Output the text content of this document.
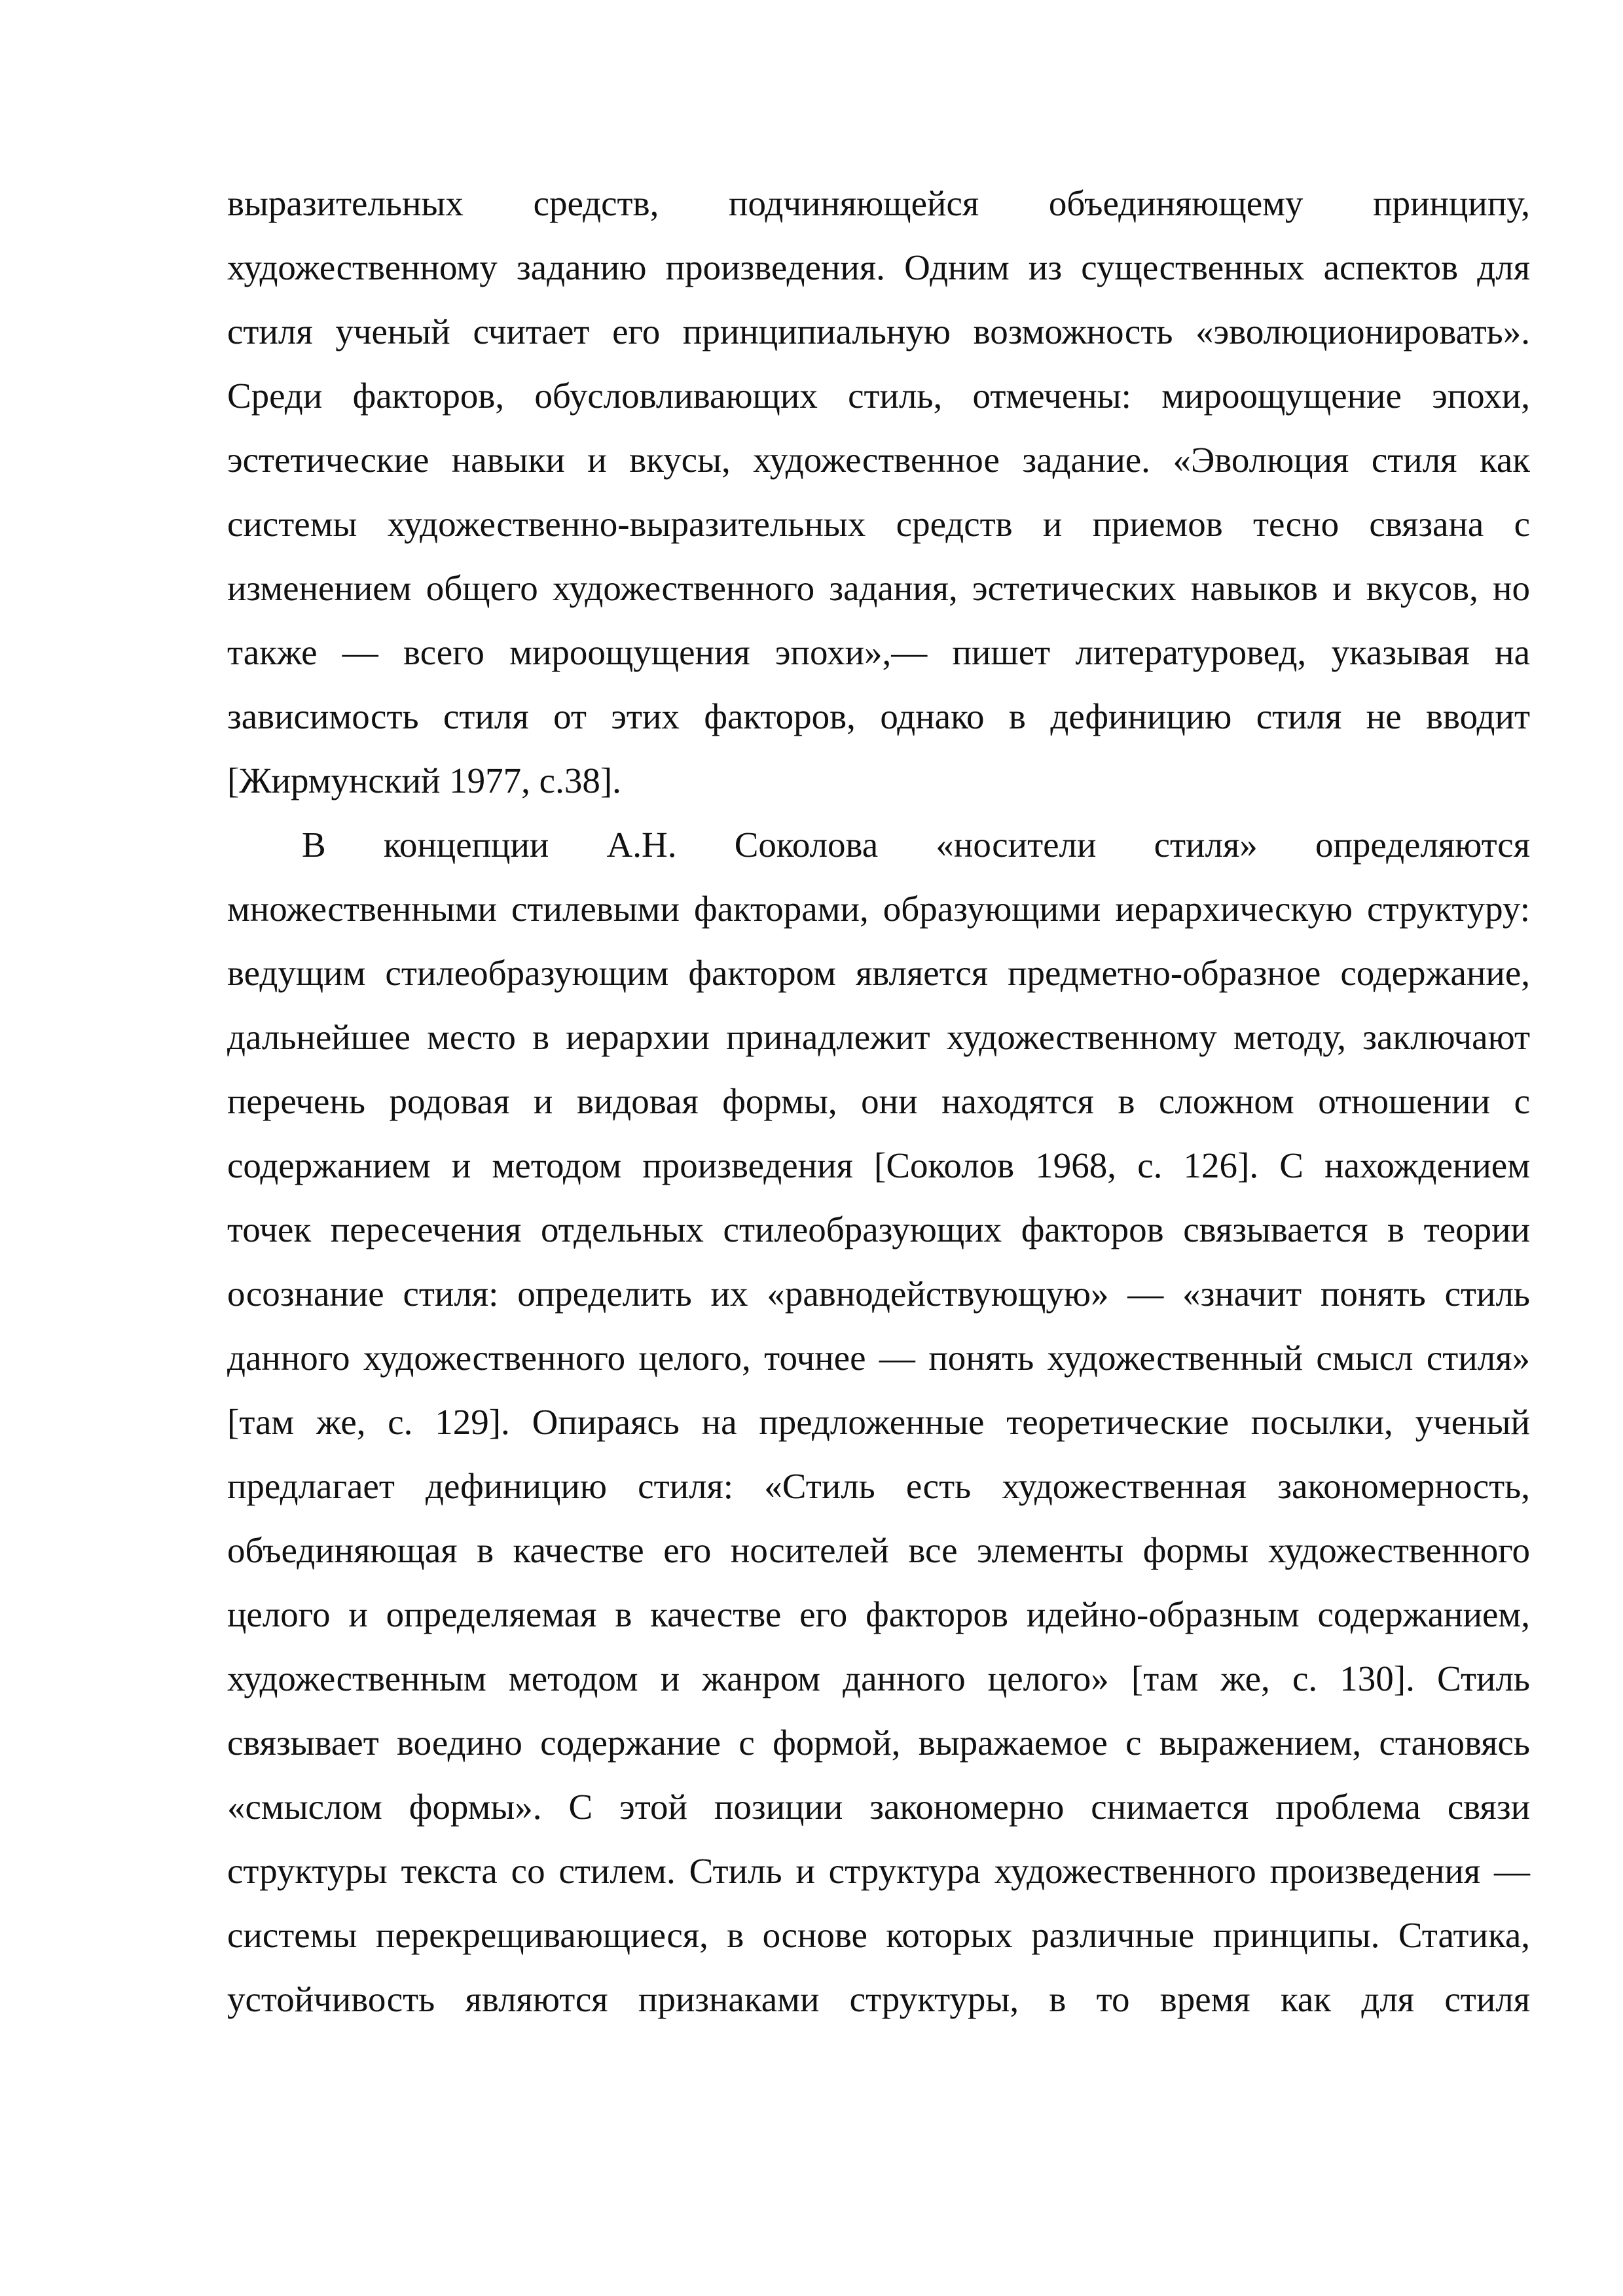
выразительных средств, подчиняющейся объединяющему принципу,
художественному заданию произведения. Одним из существенных аспектов для
стиля ученый считает его принципиальную возможность «эволюционировать».
Среди факторов, обусловливающих стиль, отмечены: мироощущение эпохи,
эстетические навыки и вкусы, художественное задание. «Эволюция стиля как
системы художественно-выразительных средств и приемов тесно связана с
изменением общего художественного задания, эстетических навыков и вкусов, но
также — всего мироощущения эпохи»,— пишет литературовед, указывая на
зависимость стиля от этих факторов, однако в дефиницию стиля не вводит
[Жирмунский 1977, с.38].
В концепции А.Н. Соколова «носители стиля» определяются
множественными стилевыми факторами, образующими иерархическую структуру:
ведущим стилеобразующим фактором является предметно-образное содержание,
дальнейшее место в иерархии принадлежит художественному методу, заключают
перечень родовая и видовая формы, они находятся в сложном отношении с
содержанием и методом произведения [Соколов 1968, с. 126]. С нахождением
точек пересечения отдельных стилеобразующих факторов связывается в теории
осознание стиля: определить их «равнодействующую» — «значит понять стиль
данного художественного целого, точнее — понять художественный смысл стиля»
[там же, с. 129]. Опираясь на предложенные теоретические посылки, ученый
предлагает дефиницию стиля: «Стиль есть художественная закономерность,
объединяющая в качестве его носителей все элементы формы художественного
целого и определяемая в качестве его факторов идейно-образным содержанием,
художественным методом и жанром данного целого» [там же, с. 130]. Стиль
связывает воедино содержание с формой, выражаемое с выражением, становясь
«смыслом формы». С этой позиции закономерно снимается проблема связи
структуры текста со стилем. Стиль и структура художественного произведения —
системы перекрещивающиеся, в основе которых различные принципы. Статика,
устойчивость являются признаками структуры, в то время как для стиля
